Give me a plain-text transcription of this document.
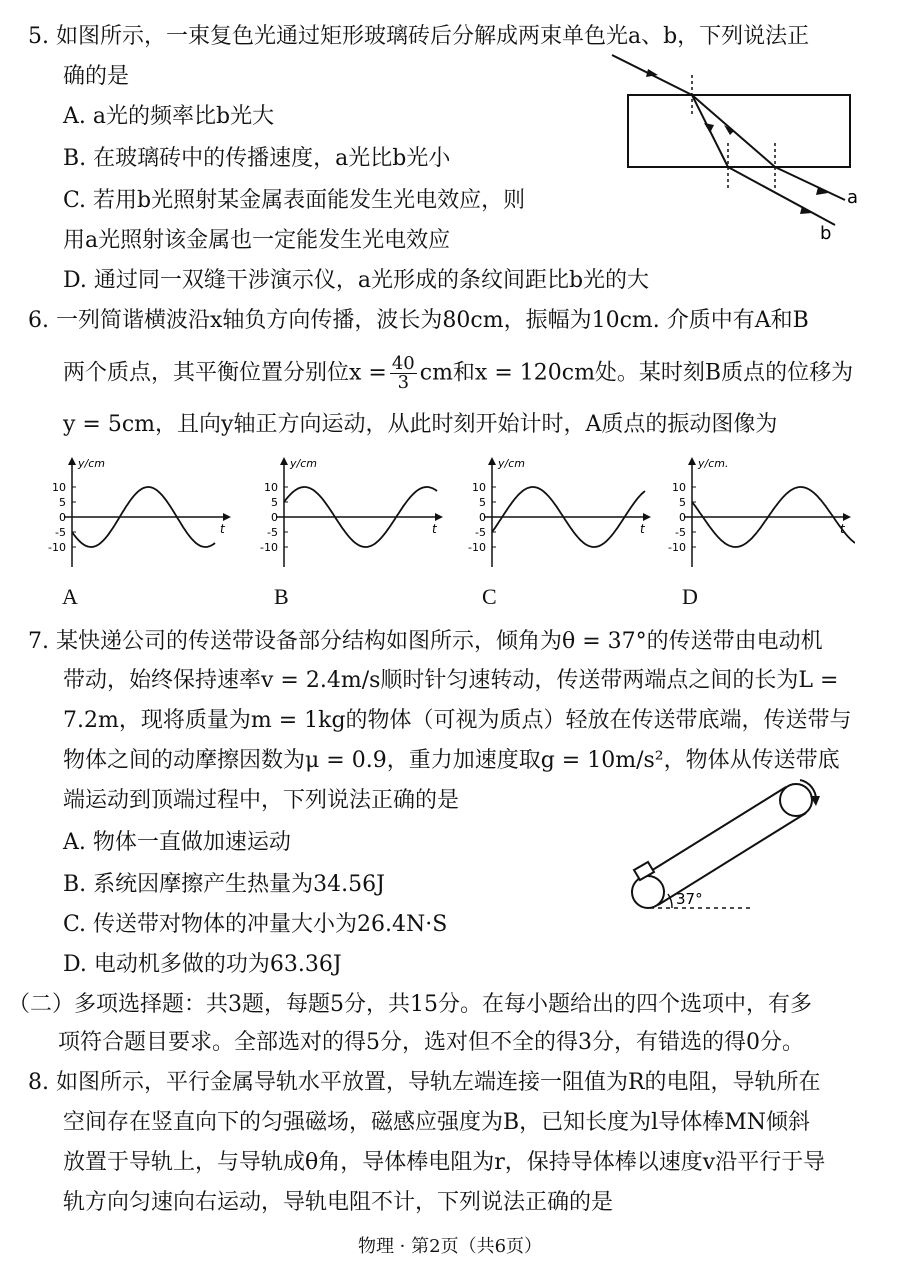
5. 如图所示，一束复色光通过矩形玻璃砖后分解成两束单色光a、b，下列说法正
确的是
A. a光的频率比b光大
B. 在玻璃砖中的传播速度，a光比b光小
C. 若用b光照射某金属表面能发生光电效应，则
用a光照射该金属也一定能发生光电效应
D. 通过同一双缝干涉演示仪，a光形成的条纹间距比b光的大
a
b
6. 一列简谐横波沿x轴负方向传播，波长为80cm，振幅为10cm. 介质中有A和B
两个质点，其平衡位置分别位$x = \frac{40}{3}$ cm和x = 120cm处。某时刻B质点的位移为
y = 5cm，且向y轴正方向运动，从此时刻开始计时，A质点的振动图像为
y/cm
t
10
5
0
-5
-10
A
y/cm
t
10
5
0
-5
-10
B
y/cm
t
10
5
0
-5
-10
C
y/cm.
t
10
5
0
-5
-10
D
7. 某快递公司的传送带设备部分结构如图所示，倾角为θ = 37°的传送带由电动机
带动，始终保持速率v = 2.4m/s顺时针匀速转动，传送带两端点之间的长为L =
7.2m，现将质量为m = 1kg的物体（可视为质点）轻放在传送带底端，传送带与
物体之间的动摩擦因数为μ = 0.9，重力加速度取g = 10m/s²，物体从传送带底
端运动到顶端过程中，下列说法正确的是
A. 物体一直做加速运动
B. 系统因摩擦产生热量为34.56J
C. 传送带对物体的冲量大小为26.4N·S
D. 电动机多做的功为63.36J
37°
（二）多项选择题：共3题，每题5分，共15分。在每小题给出的四个选项中，有多
项符合题目要求。全部选对的得5分，选对但不全的得3分，有错选的得0分。
8. 如图所示，平行金属导轨水平放置，导轨左端连接一阻值为R的电阻，导轨所在
空间存在竖直向下的匀强磁场，磁感应强度为B，已知长度为l导体棒MN倾斜
放置于导轨上，与导轨成θ角，导体棒电阻为r，保持导体棒以速度v沿平行于导
轨方向匀速向右运动，导轨电阻不计，下列说法正确的是
物理 · 第2页（共6页）
